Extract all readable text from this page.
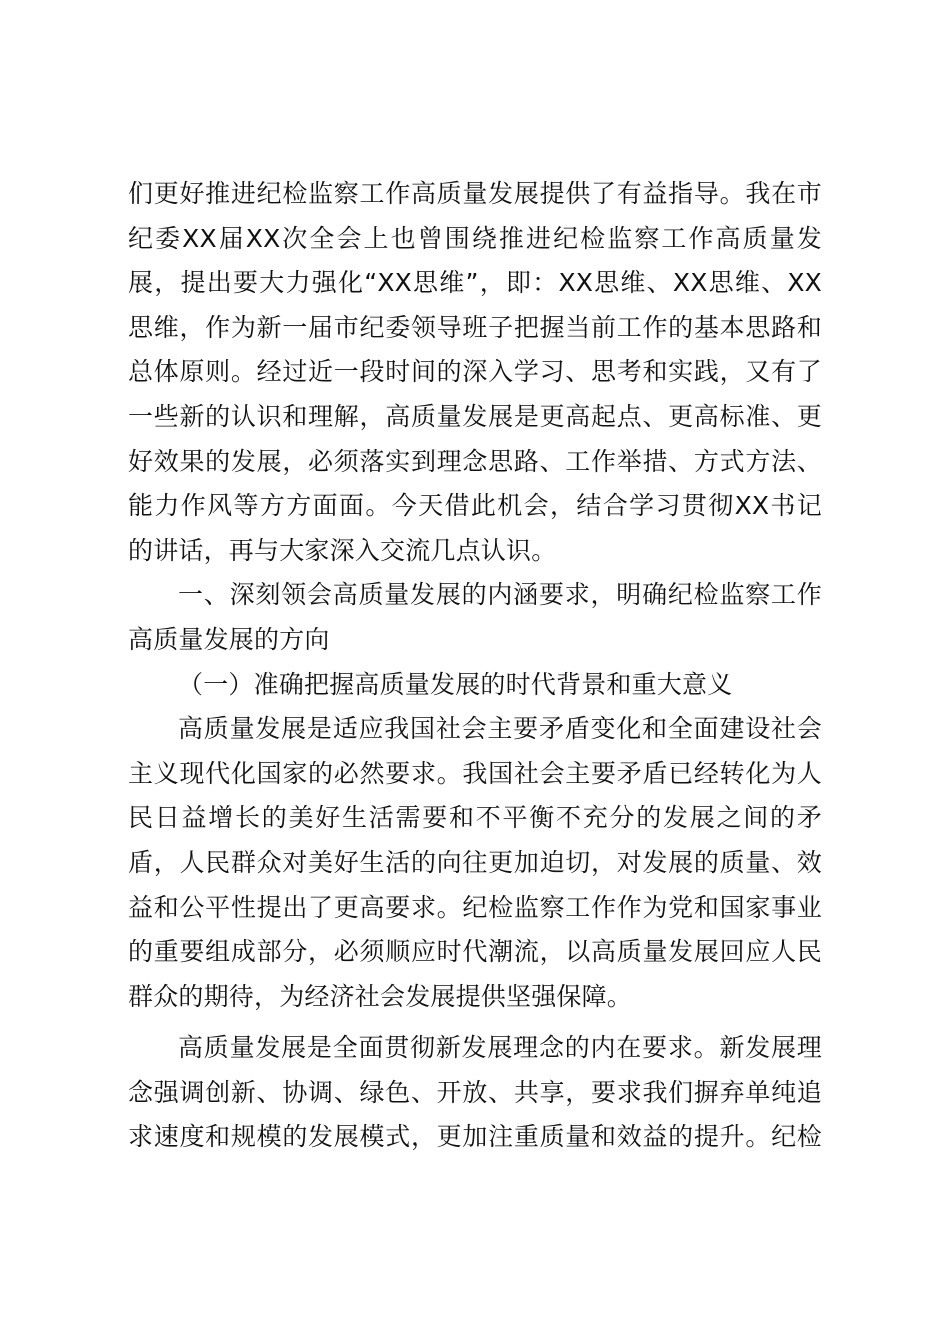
们更好推进纪检监察工作高质量发展提供了有益指导。我在市
纪委XX届XX次全会上也曾围绕推进纪检监察工作高质量发
展，提出要大力强化“XX思维”，即：XX思维、XX思维、XX
思维，作为新一届市纪委领导班子把握当前工作的基本思路和
总体原则。经过近一段时间的深入学习、思考和实践，又有了
一些新的认识和理解，高质量发展是更高起点、更高标准、更
好效果的发展，必须落实到理念思路、工作举措、方式方法、
能力作风等方方面面。今天借此机会，结合学习贯彻XX书记
的讲话，再与大家深入交流几点认识。
一、深刻领会高质量发展的内涵要求，明确纪检监察工作
高质量发展的方向
（一）准确把握高质量发展的时代背景和重大意义
高质量发展是适应我国社会主要矛盾变化和全面建设社会
主义现代化国家的必然要求。我国社会主要矛盾已经转化为人
民日益增长的美好生活需要和不平衡不充分的发展之间的矛
盾，人民群众对美好生活的向往更加迫切，对发展的质量、效
益和公平性提出了更高要求。纪检监察工作作为党和国家事业
的重要组成部分，必须顺应时代潮流，以高质量发展回应人民
群众的期待，为经济社会发展提供坚强保障。
高质量发展是全面贯彻新发展理念的内在要求。新发展理
念强调创新、协调、绿色、开放、共享，要求我们摒弃单纯追
求速度和规模的发展模式，更加注重质量和效益的提升。纪检
